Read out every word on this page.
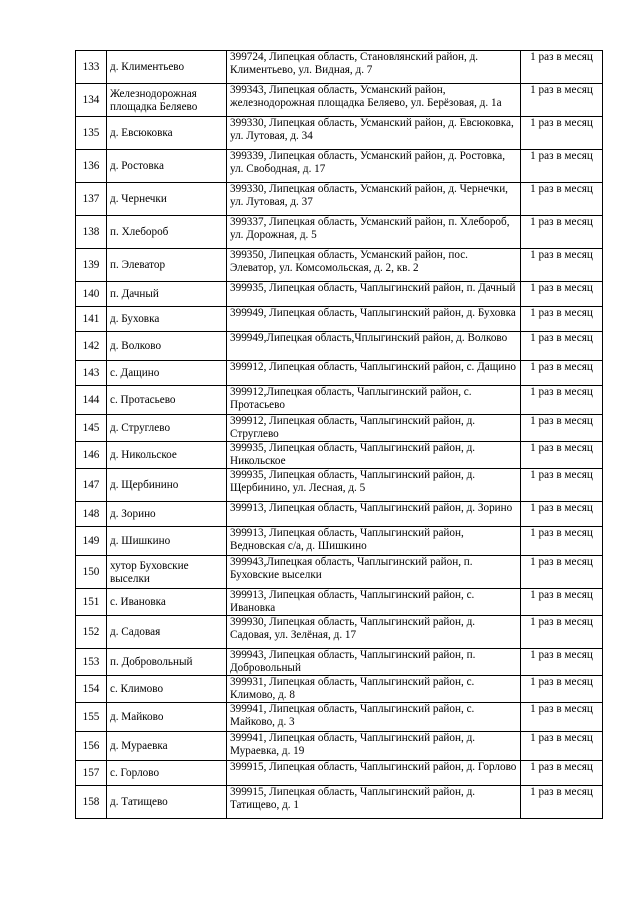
133	д. Климентьево	399724, Липецкая область, Становлянский район, д. Климентьево, ул. Видная, д. 7	1 раз в месяц
134	Железнодорожная площадка Беляево	399343, Липецкая область, Усманский район, железнодорожная площадка Беляево, ул. Берёзовая, д. 1а	1 раз в месяц
135	д. Евсюковка	399330, Липецкая область, Усманский район, д. Евсюковка, ул. Лутовая, д. 34	1 раз в месяц
136	д. Ростовка	399339, Липецкая область, Усманский район, д. Ростовка, ул. Свободная, д. 17	1 раз в месяц
137	д. Чернечки	399330, Липецкая область, Усманский район, д. Чернечки, ул. Лутовая, д. 37	1 раз в месяц
138	п. Хлебороб	399337, Липецкая область, Усманский район, п. Хлебороб, ул. Дорожная, д. 5	1 раз в месяц
139	п. Элеватор	399350, Липецкая область, Усманский район, пос. Элеватор, ул. Комсомольская, д. 2, кв. 2	1 раз в месяц
140	п. Дачный	399935, Липецкая область, Чаплыгинский район, п. Дачный	1 раз в месяц
141	д. Буховка	399949, Липецкая область, Чаплыгинский район, д. Буховка	1 раз в месяц
142	д. Волково	399949,Липецкая область,Чплыгинский район, д. Волково	1 раз в месяц
143	с. Дащино	399912, Липецкая область, Чаплыгинский район, с. Дащино	1 раз в месяц
144	с. Протасьево	399912,Липецкая область, Чаплыгинский район, с. Протасьево	1 раз в месяц
145	д. Струглево	399912, Липецкая область, Чаплыгинский район, д. Струглево	1 раз в месяц
146	д. Никольское	399935, Липецкая область, Чаплыгинский район, д. Никольское	1 раз в месяц
147	д. Щербинино	399935, Липецкая область, Чаплыгинский район, д. Щербинино, ул. Лесная, д. 5	1 раз в месяц
148	д. Зорино	399913, Липецкая область, Чаплыгинский район, д. Зорино	1 раз в месяц
149	д. Шишкино	399913, Липецкая область, Чаплыгинский район, Ведновская с/а, д. Шишкино	1 раз в месяц
150	хутор Буховские выселки	399943,Липецкая область, Чаплыгинский район, п. Буховские выселки	1 раз в месяц
151	с. Ивановка	399913, Липецкая область, Чаплыгинский район, с. Ивановка	1 раз в месяц
152	д. Садовая	399930, Липецкая область, Чаплыгинский район, д. Садовая, ул. Зелёная, д. 17	1 раз в месяц
153	п. Добровольный	399943, Липецкая область, Чаплыгинский район, п. Добровольный	1 раз в месяц
154	с. Климово	399931, Липецкая область, Чаплыгинский район, с. Климово, д. 8	1 раз в месяц
155	д. Майково	399941, Липецкая область, Чаплыгинский район, с. Майково, д. 3	1 раз в месяц
156	д. Мураевка	399941, Липецкая область, Чаплыгинский район, д. Мураевка, д. 19	1 раз в месяц
157	с. Горлово	399915, Липецкая область, Чаплыгинский район, д. Горлово	1 раз в месяц
158	д. Татищево	399915, Липецкая область, Чаплыгинский район, д. Татищево, д. 1	1 раз в месяц
